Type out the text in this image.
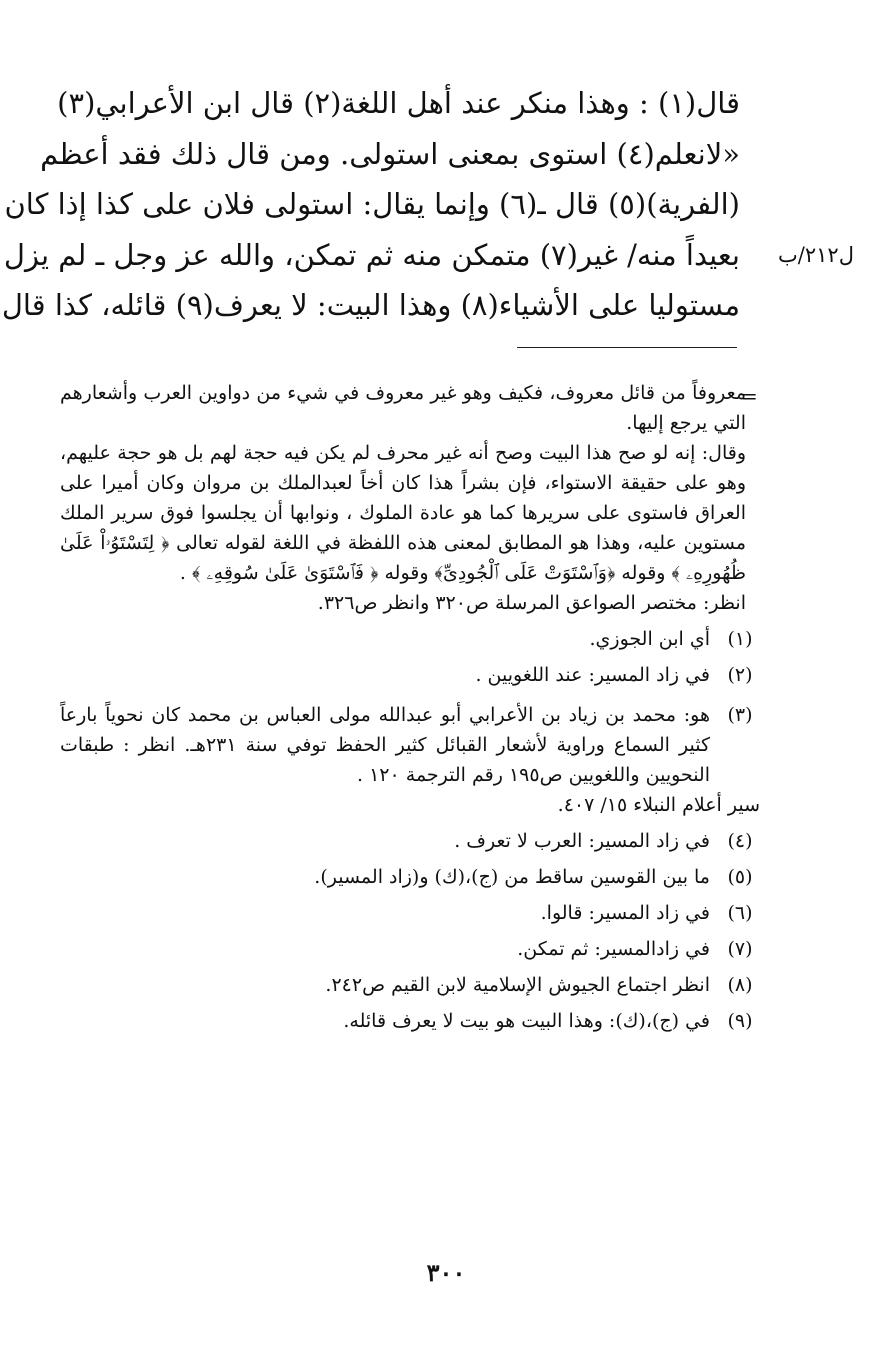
قال(١) : وهذا منكر عند أهل اللغة(٢) قال ابن الأعرابي(٣)
«لانعلم(٤) استوى بمعنى استولى. ومن قال ذلك فقد أعظم
(الفرية)(٥) قال ـ(٦) وإنما يقال: استولى فلان على كذا إذا كان
بعيداً منه/ غير(٧) متمكن منه ثم تمكن، والله عز وجل ـ لم يزل
مستوليا على الأشياء(٨) وهذا البيت: لا يعرف(٩) قائله، كذا قال
ل٢١٢/ب
=

معروفاً من قائل معروف، فكيف وهو غير معروف في شيء من دواوين العرب وأشعارهم التي يرجع إليها.

وقال: إنه لو صح هذا البيت وصح أنه غير محرف لم يكن فيه حجة لهم بل هو حجة عليهم، وهو على حقيقة الاستواء، فإن بشراً هذا كان أخاً لعبدالملك بن مروان وكان أميرا على العراق فاستوى على سريرها كما هو عادة الملوك ، ونوابها أن يجلسوا فوق سرير الملك مستوين عليه، وهذا هو المطابق لمعنى هذه اللفظة في اللغة لقوله تعالى ﴿ لِتَسْتَوُۥاْ عَلَىٰ ظُهُورِهِۦ ﴾ وقوله ﴿وَٱسْتَوَتْ عَلَى ٱلْجُودِىِّ﴾ وقوله ﴿ فَٱسْتَوَىٰ عَلَىٰ سُوقِهِۦ ﴾ .

انظر: مختصر الصواعق المرسلة ص٣٢٠ وانظر ص٣٢٦.

(١)
أي ابن الجوزي.

(٢)
في زاد المسير: عند اللغويين .

(٣)
هو: محمد بن زياد بن الأعرابي أبو عبدالله مولى العباس بن محمد كان نحوياً بارعاً كثير السماع وراوية لأشعار القبائل كثير الحفظ توفي سنة ٢٣١هـ. انظر : طبقات النحويين واللغويين ص١٩٥ رقم الترجمة ١٢٠ .

سير أعلام النبلاء ١٥/ ٤٠٧.

(٤)
في زاد المسير: العرب لا تعرف .

(٥)
ما بين القوسين ساقط من (ج)،(ك) و(زاد المسير).

(٦)
في زاد المسير: قالوا.

(٧)
في زادالمسير: ثم تمكن.

(٨)
انظر اجتماع الجيوش الإسلامية لابن القيم ص٢٤٢.

(٩)
في (ج)،(ك): وهذا البيت هو بيت لا يعرف قائله.

٣٠٠
